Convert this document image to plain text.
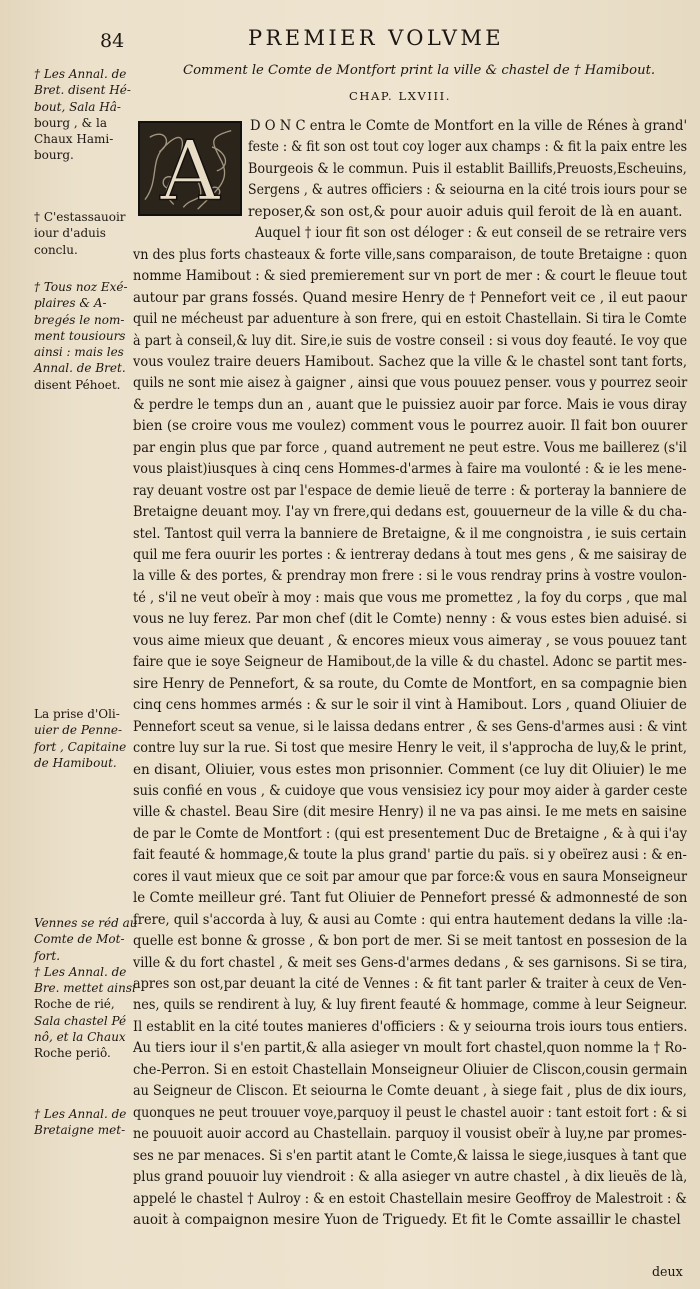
84	PREMIER VOLVME
Comment le Comte de Montfort print la ville & chastel de † Hamibout.
CHAP. LXVIII.
A D O N C entra le Comte de Montfort en la ville de Rénes à grand'
feste : & fit son ost tout coy loger aux champs : & fit la paix entre les
Bourgeois & le commun. Puis il establit Baillifs,Preuosts,Escheuins,
Sergens , & autres officiers : & seiourna en la cité trois iours pour se
reposer,& son ost,& pour auoir aduis quil feroit de là en auant.
Auquel † iour fit son ost déloger : & eut conseil de se retraire vers
vn des plus forts chasteaux & forte ville,sans comparaison, de toute Bretaigne : quon
nomme Hamibout : & sied premierement sur vn port de mer : & court le fleuue tout
autour par grans fossés. Quand mesire Henry de † Pennefort veit ce , il eut paour
quil ne mécheust par aduenture à son frere, qui en estoit Chastellain. Si tira le Comte
à part à conseil,& luy dit. Sire,ie suis de vostre conseil : si vous doy feauté. Ie voy que
vous voulez traire deuers Hamibout. Sachez que la ville & le chastel sont tant forts,
quils ne sont mie aisez à gaigner , ainsi que vous pouuez penser. vous y pourrez seoir
& perdre le temps dun an , auant que le puissiez auoir par force. Mais ie vous diray
bien (se croire vous me voulez) comment vous le pourrez auoir. Il fait bon ouurer
par engin plus que par force , quand autrement ne peut estre. Vous me baillerez (s'il
vous plaist)iusques à cinq cens Hommes-d'armes à faire ma voulonté : & ie les mene-
ray deuant vostre ost par l'espace de demie lieuë de terre : & porteray la banniere de
Bretaigne deuant moy. I'ay vn frere,qui dedans est, gouuerneur de la ville & du cha-
stel. Tantost quil verra la banniere de Bretaigne, & il me congnoistra , ie suis certain
quil me fera ouurir les portes : & ientreray dedans à tout mes gens , & me saisiray de
la ville & des portes, & prendray mon frere : si le vous rendray prins à vostre voulon-
té , s'il ne veut obeïr à moy : mais que vous me promettez , la foy du corps , que mal
vous ne luy ferez. Par mon chef (dit le Comte) nenny : & vous estes bien aduisé. si
vous aime mieux que deuant , & encores mieux vous aimeray , se vous pouuez tant
faire que ie soye Seigneur de Hamibout,de la ville & du chastel. Adonc se partit mes-
sire Henry de Pennefort, & sa route, du Comte de Montfort, en sa compagnie bien
cinq cens hommes armés : & sur le soir il vint à Hamibout. Lors , quand Oliuier de
Pennefort sceut sa venue, si le laissa dedans entrer , & ses Gens-d'armes ausi : & vint
contre luy sur la rue. Si tost que mesire Henry le veit, il s'approcha de luy,& le print,
en disant, Oliuier, vous estes mon prisonnier. Comment (ce luy dit Oliuier) le me
suis confié en vous , & cuidoye que vous vensisiez icy pour moy aider à garder ceste
ville & chastel. Beau Sire (dit mesire Henry) il ne va pas ainsi. Ie me mets en saisine
de par le Comte de Montfort : (qui est presentement Duc de Bretaigne , & à qui i'ay
fait feauté & hommage,& toute la plus grand' partie du païs. si y obeïrez ausi : & en-
cores il vaut mieux que ce soit par amour que par force:& vous en saura Monseigneur
le Comte meilleur gré. Tant fut Oliuier de Pennefort pressé & admonnesté de son
frere, quil s'accorda à luy, & ausi au Comte : qui entra hautement dedans la ville :la-
quelle est bonne & grosse , & bon port de mer. Si se meit tantost en possesion de la
ville & du fort chastel , & meit ses Gens-d'armes dedans , & ses garnisons. Si se tira,
apres son ost,par deuant la cité de Vennes : & fit tant parler & traiter à ceux de Ven-
nes, quils se rendirent à luy, & luy firent feauté & hommage, comme à leur Seigneur.
Il establit en la cité toutes manieres d'officiers : & y seiourna trois iours tous entiers.
Au tiers iour il s'en partit,& alla asieger vn moult fort chastel,quon nomme la † Ro-
che-Perron. Si en estoit Chastellain Monseigneur Oliuier de Cliscon,cousin germain
au Seigneur de Cliscon. Et seiourna le Comte deuant , à siege fait , plus de dix iours,
quonques ne peut trouuer voye,parquoy il peust le chastel auoir : tant estoit fort : & si
ne pouuoit auoir accord au Chastellain. parquoy il vousist obeïr à luy,ne par promes-
ses ne par menaces. Si s'en partit atant le Comte,& laissa le siege,iusques à tant que
plus grand pouuoir luy viendroit : & alla asieger vn autre chastel , à dix lieuës de là,
appelé le chastel † Aulroy : & en estoit Chastellain mesire Geoffroy de Malestroit : &
auoit à compaignon mesire Yuon de Triguedy. Et fit le Comte assaillir le chastel
† Les Annal. de
Bret. disent Hé-
bout, Sala Hâ-
bourg , & la
Chaux Hami-
bourg.
† C'estassauoir
iour d'aduis
conclu.
† Tous noz Exé-
plaires & A-
bregés le nom-
ment tousiours
ainsi : mais les
Annal. de Bret.
disent Péhoet.
La prise d'Oli-
uier de Penne-
fort , Capitaine
de Hamibout.
Vennes se réd au
Comte de Mot-
fort.
† Les Annal. de
Bre. mettet ainsi
Roche de rié,
Sala chastel Pé
nô, et la Chaux
Roche periô.
† Les Annal. de
Bretaigne met-
deux
